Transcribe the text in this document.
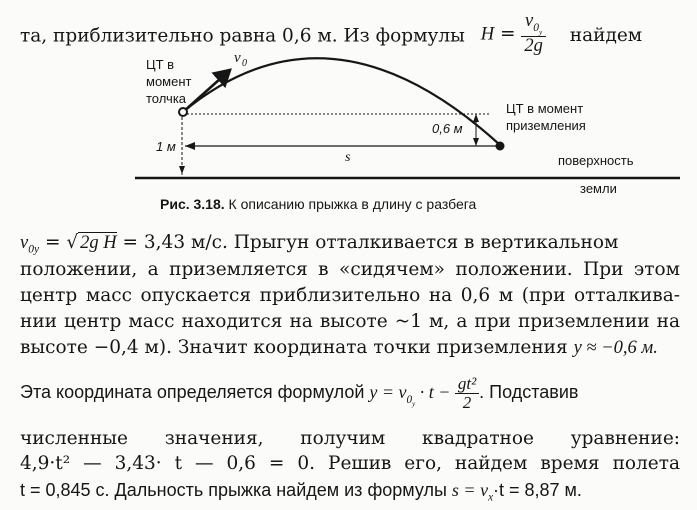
та, приблизительно равна 0,6 м. Из формулы $H = \frac{v_{0_y}}{2g}$ найдем
ЦТ в момент толчка
v 0
ЦТ в момент приземления
0,6 м
1 м
s	поверхность земли
Рис. 3.18. К описанию прыжка в длину с разбега
$v_{0y}$ = √ 2g H = 3,43 м/с. Прыгун отталкивается в вертикальном
положении, а приземляется в «сидячем» положении. При этом
центр масс опускается приблизительно на 0,6 м (при отталкива-
нии центр масс находится на высоте ~1 м, а при приземлении на
высоте −0,4 м). Значит координата точки приземления y ≈ −0,6 м.
Эта координата определяется формулой $y = v_{0_y} \cdot t - \frac{\text{gt²}}{2}$ . Подставив
численные значения, получим квадратное уравнение:
4,9·t² — 3,43· t — 0,6 = 0. Решив его, найдем время полета
t = 0,845 с. Дальность прыжка найдем из формулы $s = v_x\cdot t = 8,87$ м.
